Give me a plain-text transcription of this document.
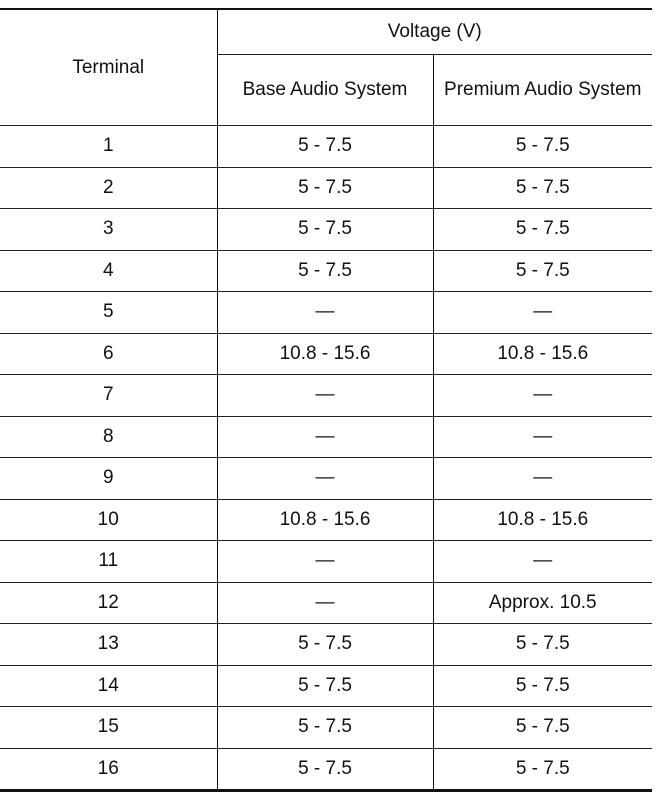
Terminal	Voltage (V)	
	Base Audio System	Premium Audio System
1	5 - 7.5	5 - 7.5
2	5 - 7.5	5 - 7.5
3	5 - 7.5	5 - 7.5
4	5 - 7.5	5 - 7.5
5	—	—
6	10.8 - 15.6	10.8 - 15.6
7	—	—
8	—	—
9	—	—
10	10.8 - 15.6	10.8 - 15.6
11	—	—
12	—	Approx. 10.5
13	5 - 7.5	5 - 7.5
14	5 - 7.5	5 - 7.5
15	5 - 7.5	5 - 7.5
16	5 - 7.5	5 - 7.5
